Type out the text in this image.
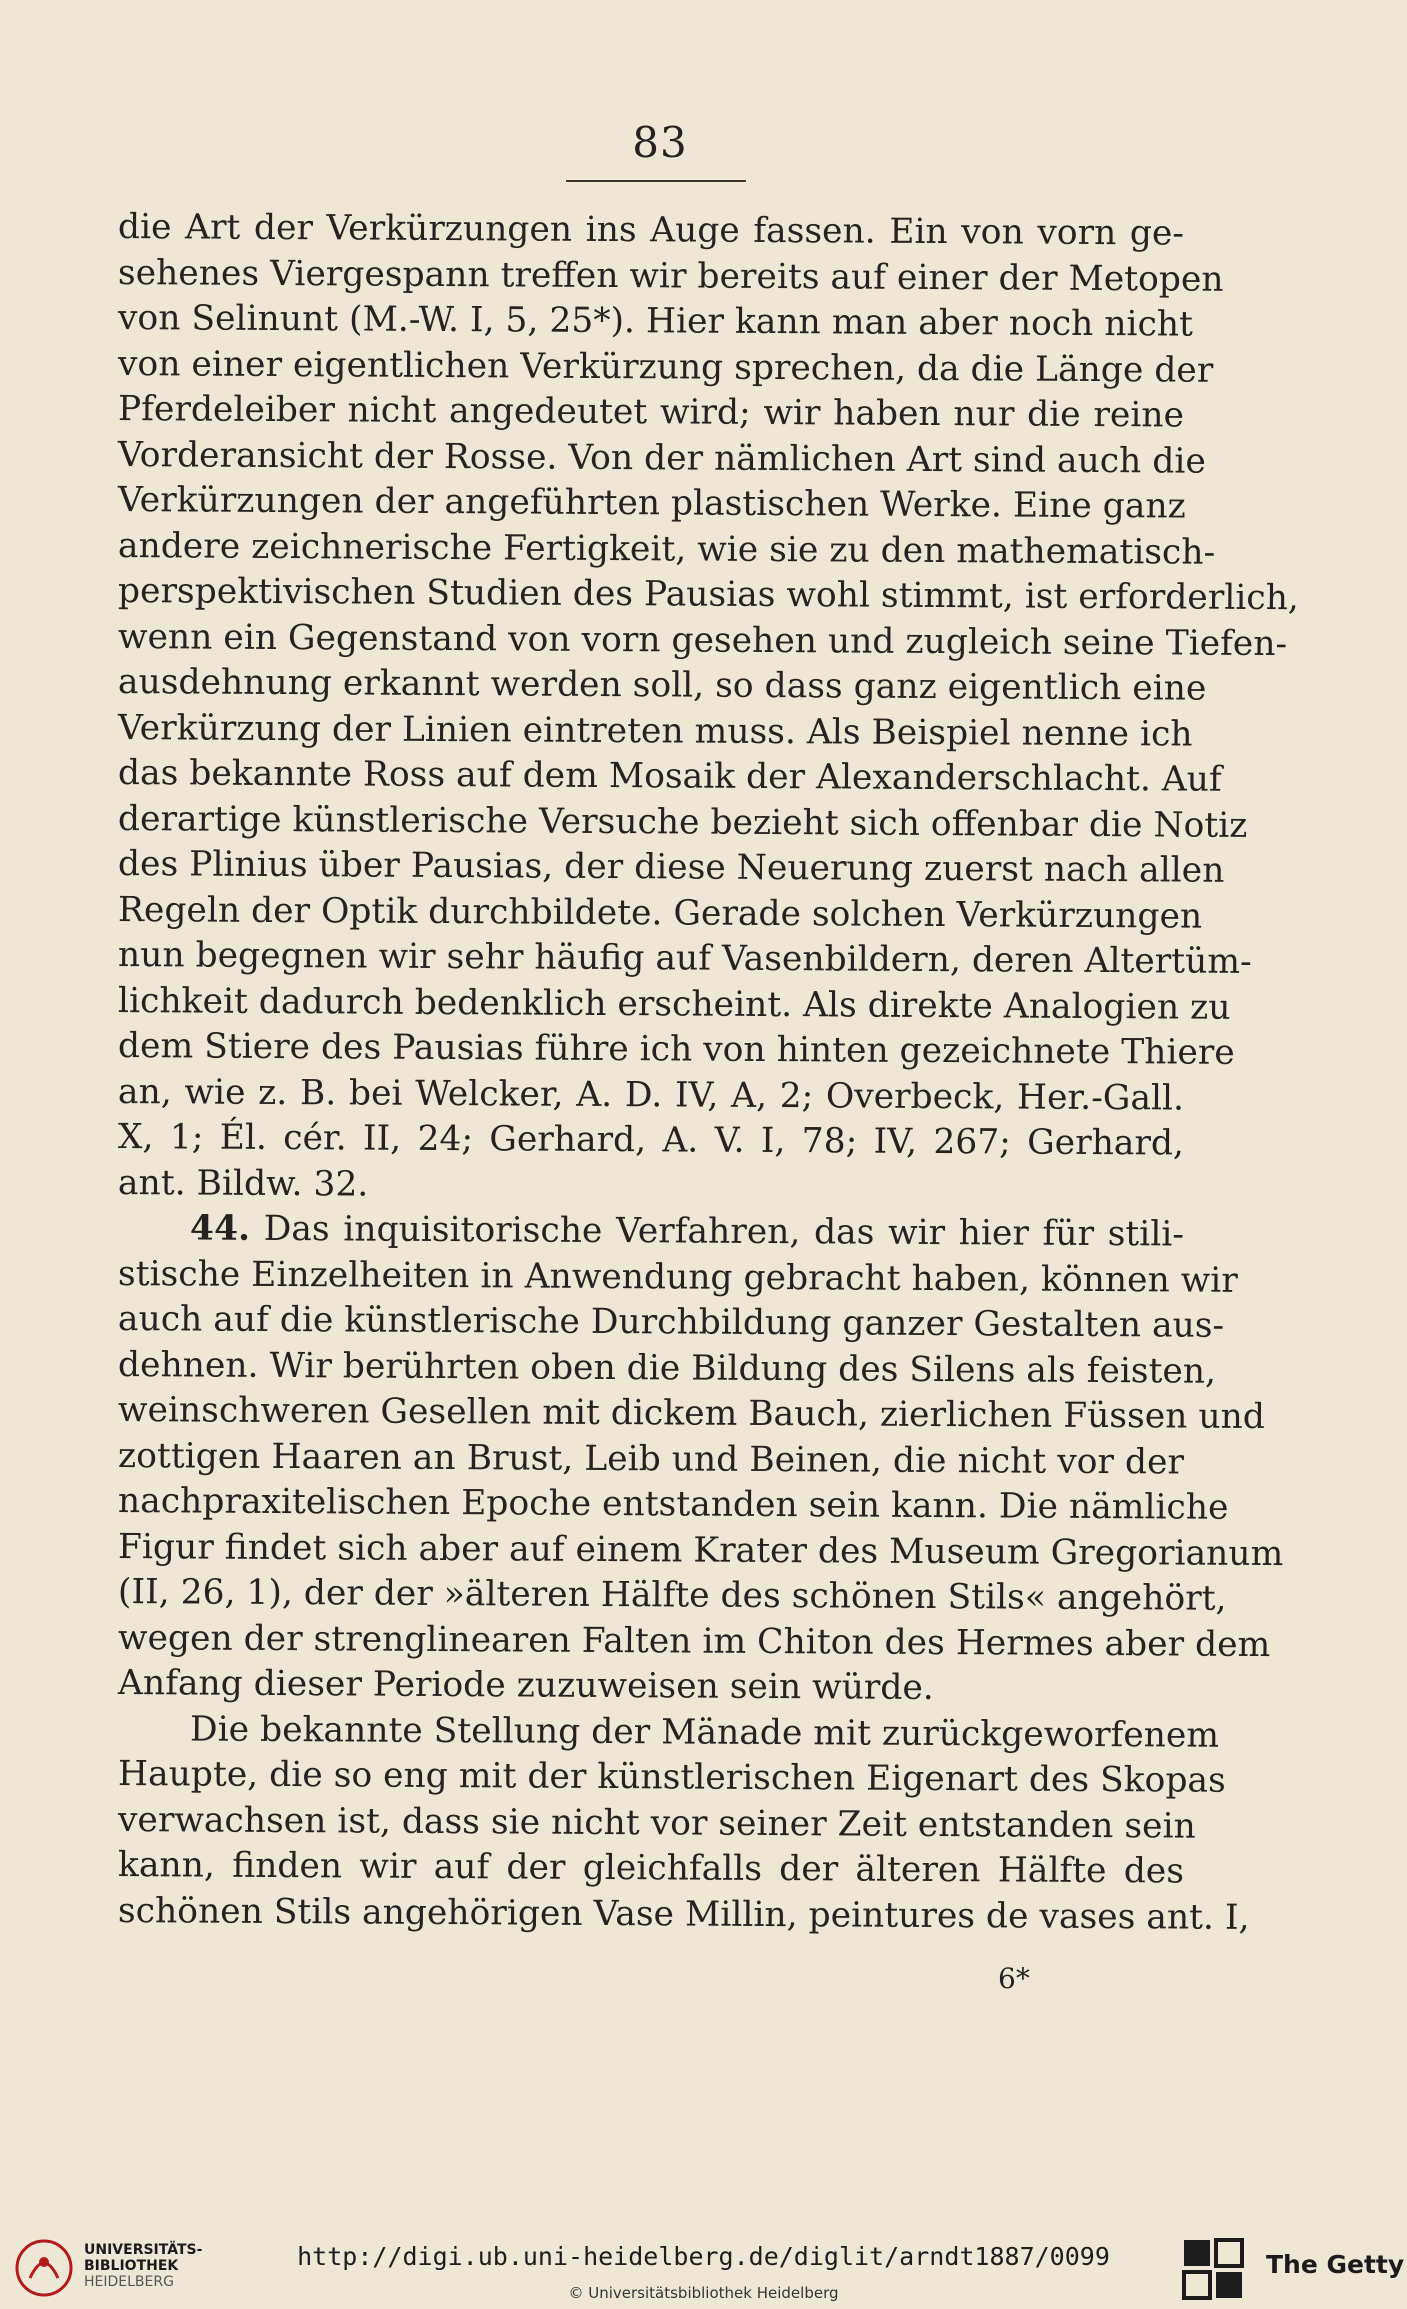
83
die Art der Verkürzungen ins Auge fassen. Ein von vorn ge-
sehenes Viergespann treffen wir bereits auf einer der Metopen
von Selinunt (M.-W. I, 5, 25*). Hier kann man aber noch nicht
von einer eigentlichen Verkürzung sprechen, da die Länge der
Pferdeleiber nicht angedeutet wird; wir haben nur die reine
Vorderansicht der Rosse. Von der nämlichen Art sind auch die
Verkürzungen der angeführten plastischen Werke. Eine ganz
andere zeichnerische Fertigkeit, wie sie zu den mathematisch-
perspektivischen Studien des Pausias wohl stimmt, ist erforderlich,
wenn ein Gegenstand von vorn gesehen und zugleich seine Tiefen-
ausdehnung erkannt werden soll, so dass ganz eigentlich eine
Verkürzung der Linien eintreten muss. Als Beispiel nenne ich
das bekannte Ross auf dem Mosaik der Alexanderschlacht. Auf
derartige künstlerische Versuche bezieht sich offenbar die Notiz
des Plinius über Pausias, der diese Neuerung zuerst nach allen
Regeln der Optik durchbildete. Gerade solchen Verkürzungen
nun begegnen wir sehr häufig auf Vasenbildern, deren Altertüm-
lichkeit dadurch bedenklich erscheint. Als direkte Analogien zu
dem Stiere des Pausias führe ich von hinten gezeichnete Thiere
an, wie z. B. bei Welcker, A. D. IV, A, 2; Overbeck, Her.-Gall.
X, 1; Él. cér. II, 24; Gerhard, A. V. I, 78; IV, 267; Gerhard,
ant. Bildw. 32.
44. Das inquisitorische Verfahren, das wir hier für stili-
stische Einzelheiten in Anwendung gebracht haben, können wir
auch auf die künstlerische Durchbildung ganzer Gestalten aus-
dehnen. Wir berührten oben die Bildung des Silens als feisten,
weinschweren Gesellen mit dickem Bauch, zierlichen Füssen und
zottigen Haaren an Brust, Leib und Beinen, die nicht vor der
nachpraxitelischen Epoche entstanden sein kann. Die nämliche
Figur findet sich aber auf einem Krater des Museum Gregorianum
(II, 26, 1), der der »älteren Hälfte des schönen Stils« angehört,
wegen der strenglinearen Falten im Chiton des Hermes aber dem
Anfang dieser Periode zuzuweisen sein würde.
Die bekannte Stellung der Mänade mit zurückgeworfenem
Haupte, die so eng mit der künstlerischen Eigenart des Skopas
verwachsen ist, dass sie nicht vor seiner Zeit entstanden sein
kann, finden wir auf der gleichfalls der älteren Hälfte des
schönen Stils angehörigen Vase Millin, peintures de vases ant. I,
6*
UNIVERSITÄTS-
BIBLIOTHEK
HEIDELBERG
http://digi.ub.uni-heidelberg.de/diglit/arndt1887/0099
© Universitätsbibliothek Heidelberg
The Getty
